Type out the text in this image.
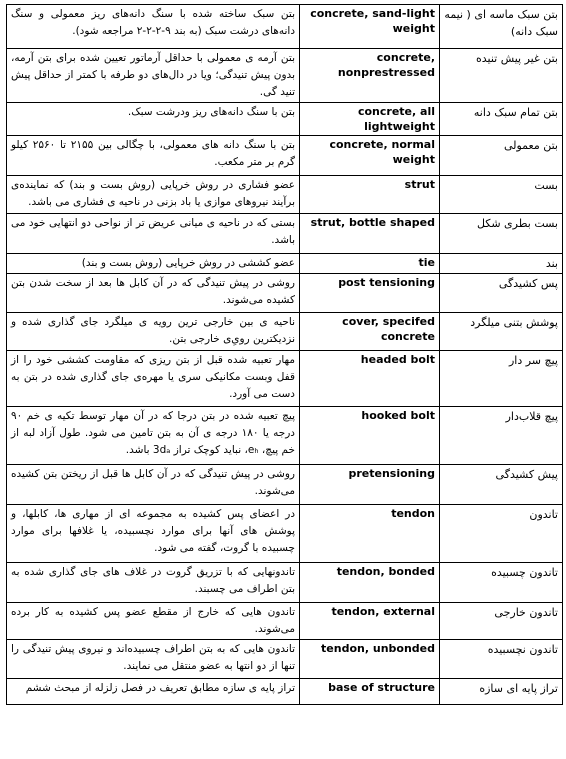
بتن سبک ساخته شده با سنگ دانه‌های ریز معمولی و سنگ دانه‌های درشت سبک (به بند ۹-۲-۲-۲ مراجعه شود).	concrete, sand-light weight	بتن سبک ماسه ای ( نیمه سبک دانه)
بتن آرمه ی معمولی با حداقل آرماتور تعیین شده برای بتن آرمه، بدون پیش تنیدگی؛ ویا در دال‌های دو طرفه با کمتر از حداقل پیش تنید گی.	concrete, nonprestressed	بتن غیر پیش تنیده
بتن با سنگ دانه‌های ریز ودرشت سبک.	concrete, all lightweight	بتن تمام سبک دانه
بتن با سنگ دانه های معمولی، با چگالی بین ۲۱۵۵ تا ۲۵۶۰ کیلو گرم بر متر مکعب.	concrete, normal weight	بتن معمولی
عضو فشاری در روش خرپایی (روش بست و بند) که نماینده‌ی برآیند نیروهای موازی یا باد بزنی در ناحیه ی فشاری می باشد.	strut	بست
بستی که در ناحیه ی میانی عریض تر از نواحی دو انتهایی خود می باشد.	strut, bottle shaped	بست بطری شکل
عضو کششی در روش خرپایی (روش بست و بند)	tie	بند
روشی در پیش تنیدگی که در آن کابل ها بعد از سخت شدن بتن کشیده می‌شوند.	post tensioning	پس کشیدگی
ناحیه ی بین خارجی ترین رویه ی میلگرد جای گذاری شده و نزدیکترین رویِ‌ی خارجی بتن.	cover, specifed concrete	پوشش بتنی میلگرد
مهار تعبیه شده قبل از بتن ریزی که مقاومت کششی خود را از قفل وبست مکانیکی سری یا مهره‌ی جای گذاری شده در بتن به دست می آورد.	headed bolt	پیچ سر دار
پیچ تعبیه شده در بتن درجا که در آن مهار توسط تکیه ی خم ۹۰ درجه یا ۱۸۰ درجه ی آن به بتن تامین می شود. طول آزاد لبه از خم پیچ، eₕ، نباید کوچک تراز 3dₐ باشد.	hooked bolt	پیچ قلاب‌دار
روشی در پیش تنیدگی که در آن کابل ها قبل از ریختن بتن کشیده می‌شوند.	pretensioning	پیش کشیدگی
در اعضای پس کشیده به مجموعه ای از مهاری ها، کابلها، و پوشش های آنها برای موارد نچسبیده، یا غلافها برای موارد چسبیده با گروت، گفته می شود.	tendon	تاندون
تاندونهایی که با تزریق گروت در غلاف های جای گذاری شده به بتن اطراف می چسبند.	tendon, bonded	تاندون چسبیده
تاندون هایی که خارج از مقطع عضو پس کشیده به کار برده می‌شوند.	tendon, external	تاندون خارجی
تاندون هایی که به بتن اطراف چسبیده‌اند و نیروی پیش تنیدگی را تنها از دو انتها به عضو منتقل می نمایند.	tendon, unbonded	تاندون نچسبیده
تراز پایه ی سازه مطابق تعریف در فصل زلزله از مبحث ششم	base of structure	تراز پایه ای سازه
